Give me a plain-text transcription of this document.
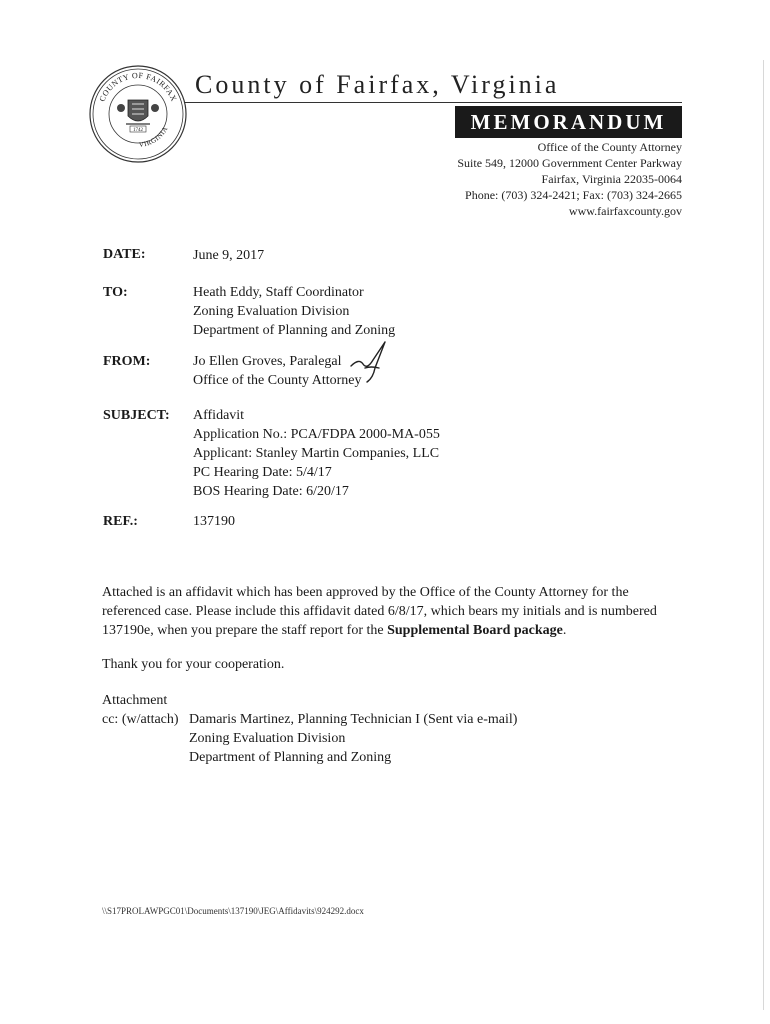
COUNTY OF FAIRFAX
VIRGINIA
1742
County of Fairfax, Virginia
MEMORANDUM
Office of the County Attorney
Suite 549, 12000 Government Center Parkway
Fairfax, Virginia 22035-0064
Phone: (703) 324-2421; Fax: (703) 324-2665
www.fairfaxcounty.gov
DATE:	June 9, 2017
TO:	Heath Eddy, Staff Coordinator
Zoning Evaluation Division
Department of Planning and Zoning
FROM:	Jo Ellen Groves, Paralegal
Office of the County Attorney
SUBJECT: Affidavit
Application No.: PCA/FDPA 2000-MA-055
Applicant: Stanley Martin Companies, LLC
PC Hearing Date: 5/4/17
BOS Hearing Date: 6/20/17
REF.:	137190

Attached is an affidavit which has been approved by the Office of the County Attorney for the referenced case. Please include this affidavit dated 6/8/17, which bears my initials and is numbered 137190e, when you prepare the staff report for the Supplemental Board package.

Thank you for your cooperation.
Attachment
cc: (w/attach) Damaris Martinez, Planning Technician I (Sent via e-mail)
Zoning Evaluation Division
Department of Planning and Zoning
\\S17PROLAWPGC01\Documents\137190\JEG\Affidavits\924292.docx
